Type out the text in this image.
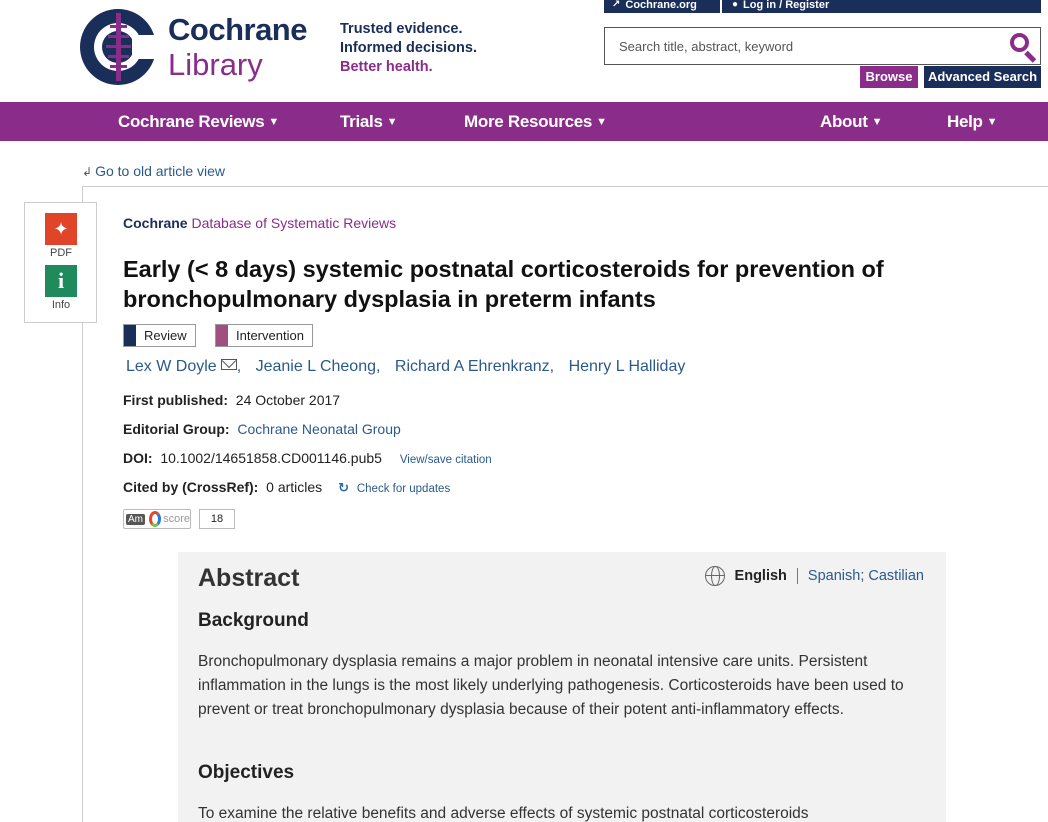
Cochrane
Library
Trusted evidence.
Informed decisions.
Better health.
↗ Cochrane.org	● Log in / Register
Search title, abstract, keyword
Browse	Advanced Search
Cochrane Reviews ▼	Trials ▼	More Resources ▼	About ▼	Help ▼
↲ Go to old article view
✦
PDF
i
Info
Cochrane Database of Systematic Reviews
Early (< 8 days) systemic postnatal corticosteroids for prevention of bronchopulmonary dysplasia in preterm infants
Review	Intervention
Lex W Doyle , Jeanie L Cheong, Richard A Ehrenkranz, Henry L Halliday
First published: 24 October 2017
Editorial Group: Cochrane Neonatal Group
DOI: 10.1002/14651858.CD001146.pub5 View/save citation
Cited by (CrossRef): 0 articles ↻ Check for updates
Am score	18
Abstract	English	Spanish; Castilian
Background

Bronchopulmonary dysplasia remains a major problem in neonatal intensive care units. Persistent inflammation in the lungs is the most likely underlying pathogenesis. Corticosteroids have been used to prevent or treat bronchopulmonary dysplasia because of their potent anti-inflammatory effects.

Objectives

To examine the relative benefits and adverse effects of systemic postnatal corticosteroids
